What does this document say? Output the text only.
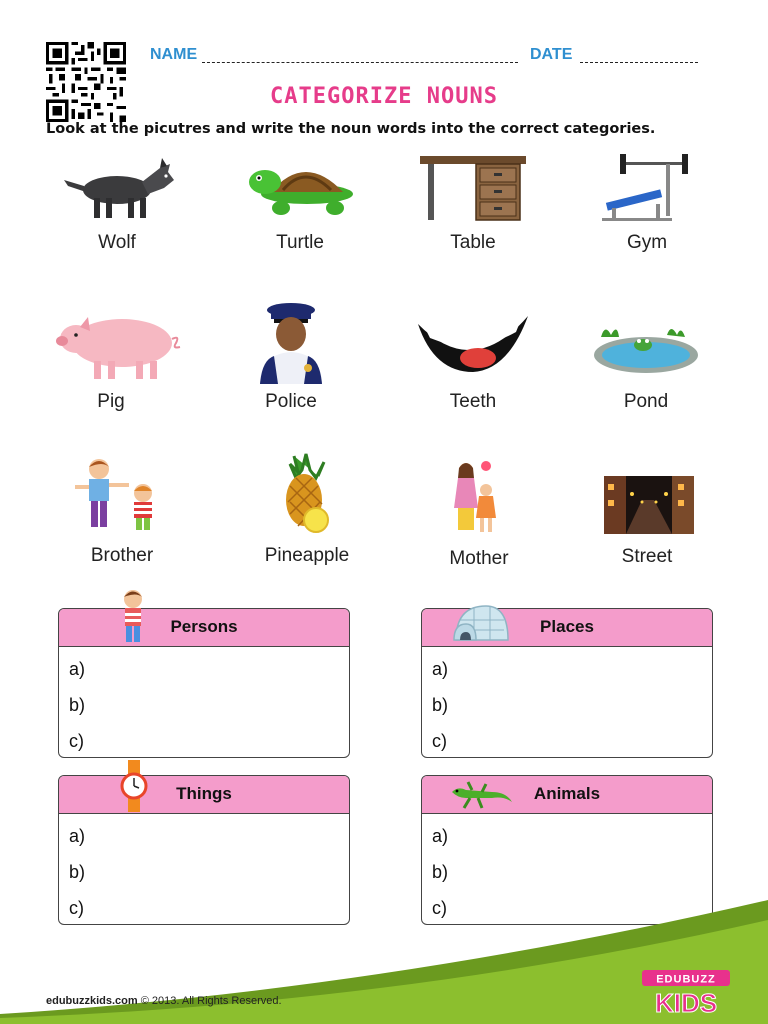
NAME	DATE
CATEGORIZE NOUNS
Look at the picutres and write the noun words into the correct categories.
Wolf	Turtle	Table	Gym
Pig	Police	Teeth	Pond
Brother	Pineapple	Mother	Street
Persons
a)
b)
c)
Places
a)
b)
c)
Things
a)
b)
c)
Animals
a)
b)
c)
edubuzzkids.com © 2013. All Rights Reserved.
EDUBUZZ
KIDS
